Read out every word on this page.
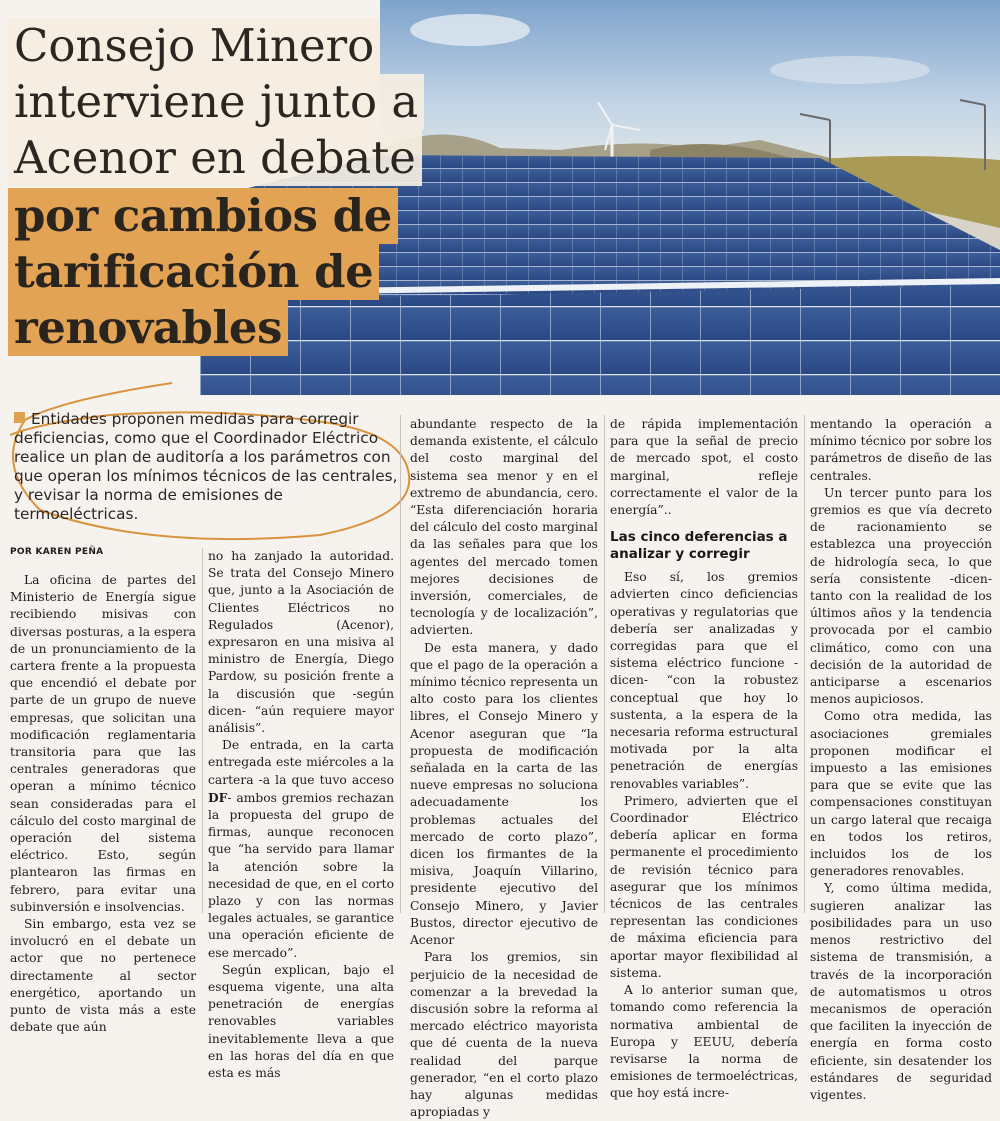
Consejo Minero
interviene junto a
Acenor en debate
por cambios de
tarificación de
renovables
Entidades proponen medidas para corregir deficiencias, como que el Coordinador Eléctrico realice un plan de auditoría a los parámetros con que operan los mínimos técnicos de las centrales, y revisar la norma de emisiones de termoeléctricas.
POR KAREN PEÑA

La oficina de partes del Ministerio de Energía sigue recibiendo misivas con diversas posturas, a la espera de un pronunciamiento de la cartera frente a la propuesta que encendió el debate por parte de un grupo de nueve empresas, que solicitan una modificación reglamentaria transitoria para que las centrales generadoras que operan a mínimo técnico sean consideradas para el cálculo del costo marginal de operación del sistema eléctrico. Esto, según plantearon las firmas en febrero, para evitar una subinversión e insolvencias.

Sin embargo, esta vez se involucró en el debate un actor que no pertenece directamente al sector energético, aportando un punto de vista más a este debate que aún

no ha zanjado la autoridad. Se trata del Consejo Minero que, junto a la Asociación de Clientes Eléctricos no Regulados (Acenor), expresaron en una misiva al ministro de Energía, Diego Pardow, su posición frente a la discusión que -según dicen- “aún requiere mayor análisis”.

De entrada, en la carta entregada este miércoles a la cartera -a la que tuvo acceso DF- ambos gremios rechazan la propuesta del grupo de firmas, aunque reconocen que “ha servido para llamar la atención sobre la necesidad de que, en el corto plazo y con las normas legales actuales, se garantice una operación eficiente de ese mercado”.

Según explican, bajo el esquema vigente, una alta penetración de energías renovables variables inevitablemente lleva a que en las horas del día en que esta es más

abundante respecto de la demanda existente, el cálculo del costo marginal del sistema sea menor y en el extremo de abundancia, cero. “Esta diferenciación horaria del cálculo del costo marginal da las señales para que los agentes del mercado tomen mejores decisiones de inversión, comerciales, de tecnología y de localización”, advierten.

De esta manera, y dado que el pago de la operación a mínimo técnico representa un alto costo para los clientes libres, el Consejo Minero y Acenor aseguran que “la propuesta de modificación señalada en la carta de las nueve empresas no soluciona adecuadamente los problemas actuales del mercado de corto plazo”, dicen los firmantes de la misiva, Joaquín Villarino, presidente ejecutivo del Consejo Minero, y Javier Bustos, director ejecutivo de Acenor

Para los gremios, sin perjuicio de la necesidad de comenzar a la brevedad la discusión sobre la reforma al mercado eléctrico mayorista que dé cuenta de la nueva realidad del parque generador, “en el corto plazo hay algunas medidas apropiadas y

de rápida implementación para que la señal de precio de mercado spot, el costo marginal, refleje correctamente el valor de la energía”..

Las cinco deferencias a analizar y corregir

Eso sí, los gremios advierten cinco deficiencias operativas y regulatorias que debería ser analizadas y corregidas para que el sistema eléctrico funcione -dicen- “con la robustez conceptual que hoy lo sustenta, a la espera de la necesaria reforma estructural motivada por la alta penetración de energías renovables variables”.

Primero, advierten que el Coordinador Eléctrico debería aplicar en forma permanente el procedimiento de revisión técnico para asegurar que los mínimos técnicos de las centrales representan las condiciones de máxima eficiencia para aportar mayor flexibilidad al sistema.

A lo anterior suman que, tomando como referencia la normativa ambiental de Europa y EEUU, debería revisarse la norma de emisiones de termoeléctricas, que hoy está incre-

mentando la operación a mínimo técnico por sobre los parámetros de diseño de las centrales.

Un tercer punto para los gremios es que vía decreto de racionamiento se establezca una proyección de hidrología seca, lo que sería consistente -dicen- tanto con la realidad de los últimos años y la tendencia provocada por el cambio climático, como con una decisión de la autoridad de anticiparse a escenarios menos aupiciosos.

Como otra medida, las asociaciones gremiales proponen modificar el impuesto a las emisiones para que se evite que las compensaciones constituyan un cargo lateral que recaiga en todos los retiros, incluidos los de los generadores renovables.

Y, como última medida, sugieren analizar las posibilidades para un uso menos restrictivo del sistema de transmisión, a través de la incorporación de automatismos u otros mecanismos de operación que faciliten la inyección de energía en forma costo eficiente, sin desatender los estándares de seguridad vigentes.
